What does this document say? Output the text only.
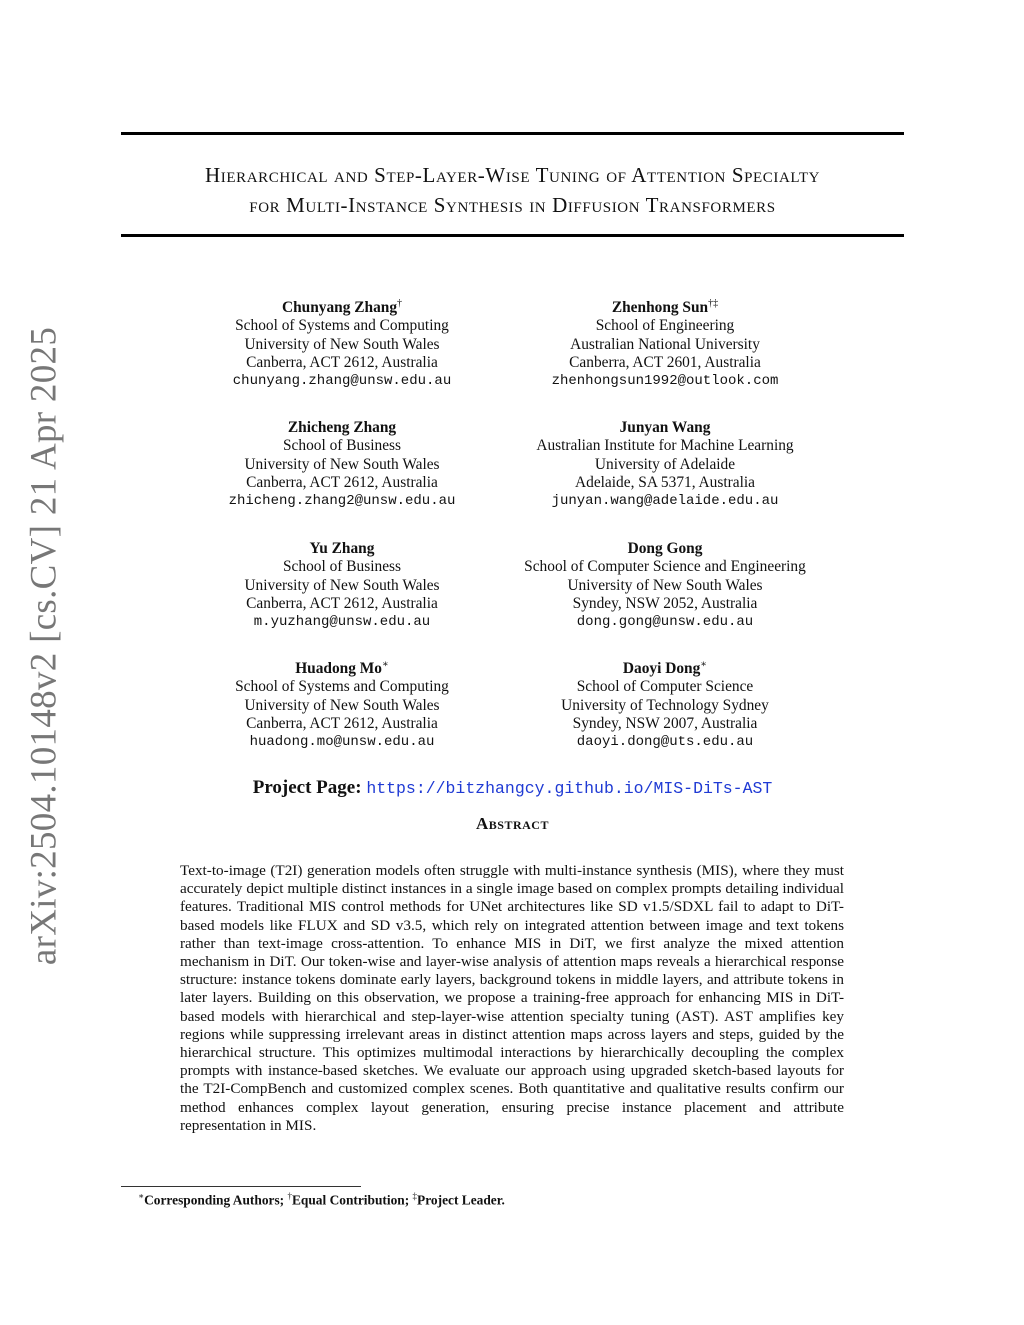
Hierarchical and Step-Layer-Wise Tuning of Attention Specialty
for Multi-Instance Synthesis in Diffusion Transformers
arXiv:2504.10148v2 [cs.CV] 21 Apr 2025
Chunyang Zhang†
School of Systems and Computing
University of New South Wales
Canberra, ACT 2612, Australia
chunyang.zhang@unsw.edu.au
Zhenhong Sun†‡
School of Engineering
Australian National University
Canberra, ACT 2601, Australia
zhenhongsun1992@outlook.com
Zhicheng Zhang
School of Business
University of New South Wales
Canberra, ACT 2612, Australia
zhicheng.zhang2@unsw.edu.au
Junyan Wang
Australian Institute for Machine Learning
University of Adelaide
Adelaide, SA 5371, Australia
junyan.wang@adelaide.edu.au
Yu Zhang
School of Business
University of New South Wales
Canberra, ACT 2612, Australia
m.yuzhang@unsw.edu.au
Dong Gong
School of Computer Science and Engineering
University of New South Wales
Syndey, NSW 2052, Australia
dong.gong@unsw.edu.au
Huadong Mo∗
School of Systems and Computing
University of New South Wales
Canberra, ACT 2612, Australia
huadong.mo@unsw.edu.au
Daoyi Dong∗
School of Computer Science
University of Technology Sydney
Syndey, NSW 2007, Australia
daoyi.dong@uts.edu.au
Project Page: https://bitzhangcy.github.io/MIS-DiTs-AST
Abstract
Text-to-image (T2I) generation models often struggle with multi-instance synthesis (MIS), where they must accurately depict multiple distinct instances in a single image based on complex prompts detailing individual features. Traditional MIS control methods for UNet architectures like SD v1.5/SDXL fail to adapt to DiT-based models like FLUX and SD v3.5, which rely on integrated attention between image and text tokens rather than text-image cross-attention. To enhance MIS in DiT, we first analyze the mixed attention mechanism in DiT. Our token-wise and layer-wise analysis of attention maps reveals a hierarchical response structure: instance tokens dominate early layers, background tokens in middle layers, and attribute tokens in later layers. Building on this observation, we propose a training-free approach for enhancing MIS in DiT-based models with hierarchical and step-layer-wise attention specialty tuning (AST). AST amplifies key regions while suppressing irrelevant areas in distinct attention maps across layers and steps, guided by the hierarchical structure. This optimizes multimodal interactions by hierarchically decoupling the complex prompts with instance-based sketches. We evaluate our approach using upgraded sketch-based layouts for the T2I-CompBench and customized complex scenes. Both quantitative and qualitative results confirm our method enhances complex layout generation, ensuring precise instance placement and attribute representation in MIS.
∗Corresponding Authors; †Equal Contribution; ‡Project Leader.
